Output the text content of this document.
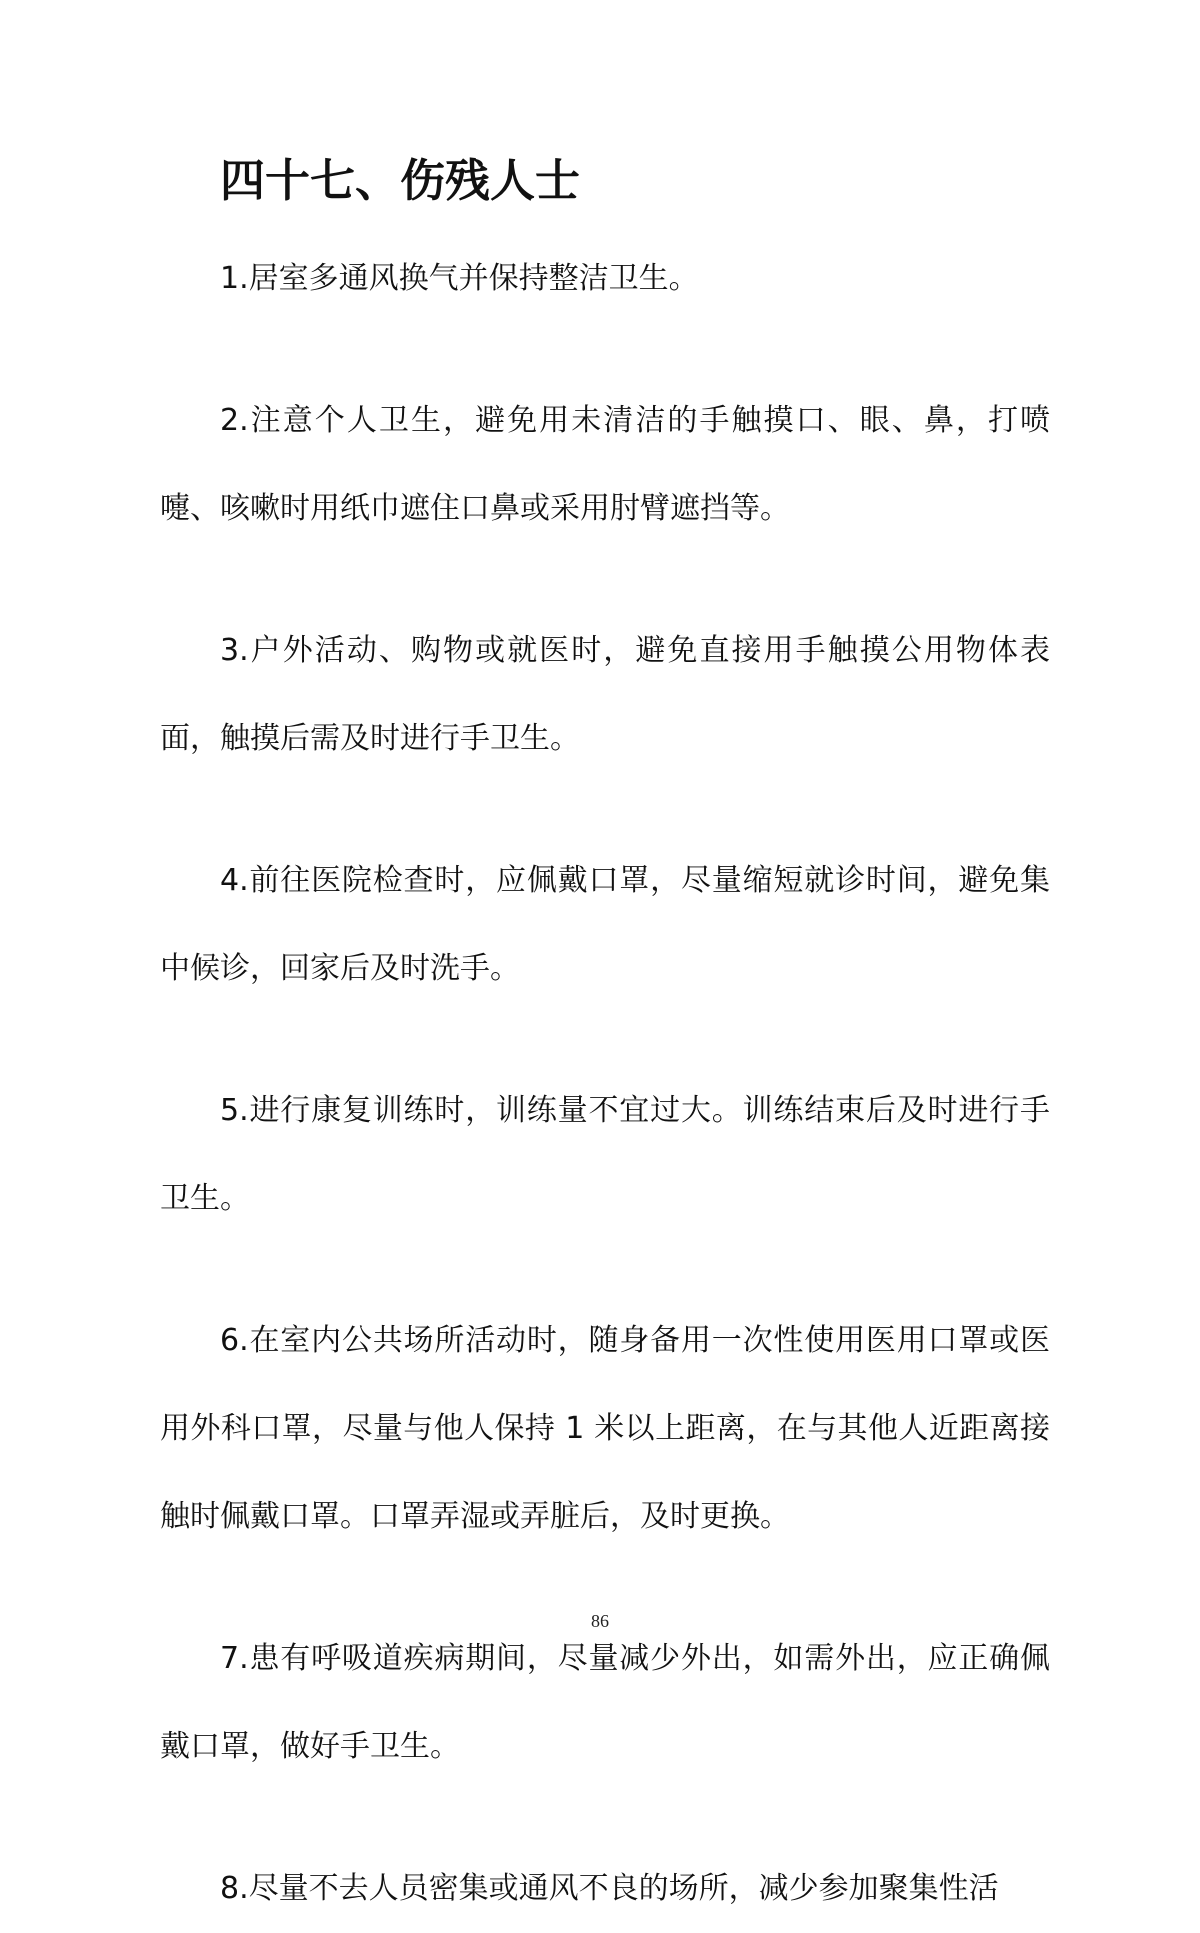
四十七、伤残人士

1.居室多通风换气并保持整洁卫生。

2.注意个人卫生，避免用未清洁的手触摸口、眼、鼻，打喷嚏、咳嗽时用纸巾遮住口鼻或采用肘臂遮挡等。

3.户外活动、购物或就医时，避免直接用手触摸公用物体表面，触摸后需及时进行手卫生。

4.前往医院检查时，应佩戴口罩，尽量缩短就诊时间，避免集中候诊，回家后及时洗手。

5.进行康复训练时，训练量不宜过大。训练结束后及时进行手卫生。

6.在室内公共场所活动时，随身备用一次性使用医用口罩或医用外科口罩，尽量与他人保持 1 米以上距离，在与其他人近距离接触时佩戴口罩。口罩弄湿或弄脏后，及时更换。

7.患有呼吸道疾病期间，尽量减少外出，如需外出，应正确佩戴口罩，做好手卫生。

8.尽量不去人员密集或通风不良的场所，减少参加聚集性活

86
